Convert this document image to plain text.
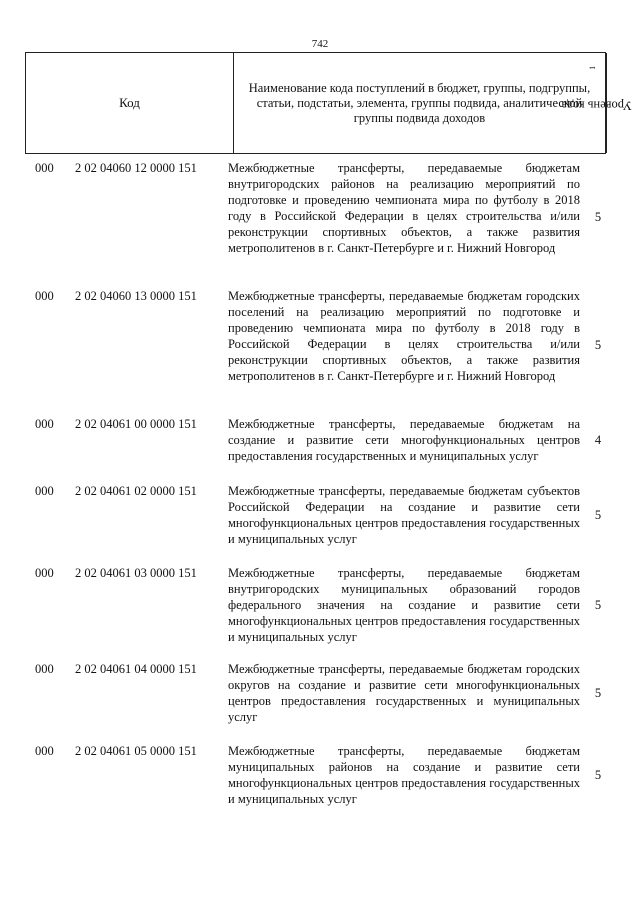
742
Код
Наименование кода поступлений в бюджет, группы, подгруппы, статьи, подстатьи, элемента, группы подвида, аналитической группы подвида доходов
Уровень кода$^1$
000 2 02 04060 12 0000 151 Межбюджетные трансферты, передаваемые бюджетам внутригородских районов на реализацию мероприятий по подготовке и проведению чемпионата мира по футболу в 2018 году в Российской Федерации в целях строительства и/или реконструкции спортивных объектов, а также развития метрополитенов в г. Санкт-Петербурге и г. Нижний Новгород
5
000 2 02 04060 13 0000 151 Межбюджетные трансферты, передаваемые бюджетам городских поселений на реализацию мероприятий по подготовке и проведению чемпионата мира по футболу в 2018 году в Российской Федерации в целях строительства и/или реконструкции спортивных объектов, а также развития метрополитенов в г. Санкт-Петербурге и г. Нижний Новгород
5
000 2 02 04061 00 0000 151 Межбюджетные трансферты, передаваемые бюджетам на создание и развитие сети многофункциональных центров предоставления государственных и муниципальных услуг
4
000 2 02 04061 02 0000 151 Межбюджетные трансферты, передаваемые бюджетам субъектов Российской Федерации на создание и развитие сети многофункциональных центров предоставления государственных и муниципальных услуг
5
000 2 02 04061 03 0000 151 Межбюджетные трансферты, передаваемые бюджетам внутригородских муниципальных образований городов федерального значения на создание и развитие сети многофункциональных центров предоставления государственных и муниципальных услуг
5
000 2 02 04061 04 0000 151 Межбюджетные трансферты, передаваемые бюджетам городских округов на создание и развитие сети многофункциональных центров предоставления государственных и муниципальных услуг
5
000 2 02 04061 05 0000 151 Межбюджетные трансферты, передаваемые бюджетам муниципальных районов на создание и развитие сети многофункциональных центров предоставления государственных и муниципальных услуг
5
